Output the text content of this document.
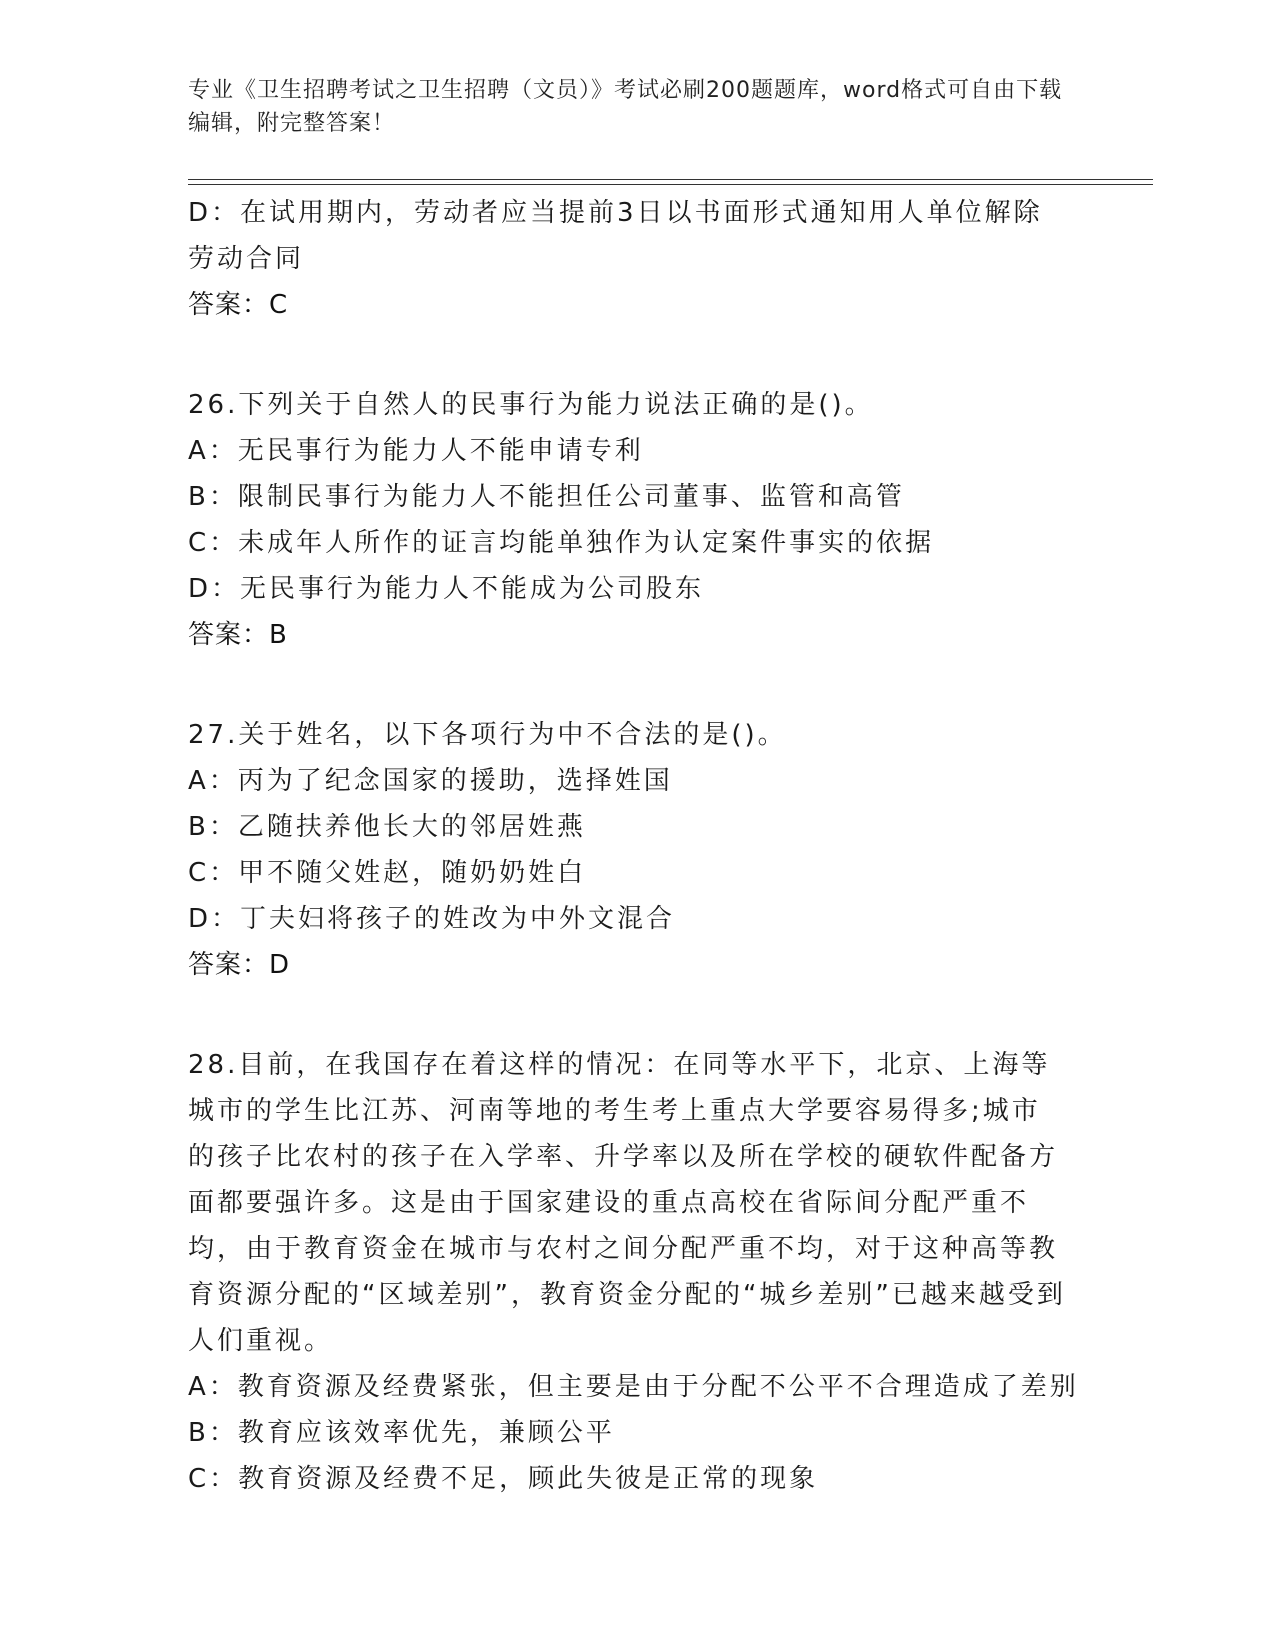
专业《卫生招聘考试之卫生招聘（文员）》考试必刷200题题库，word格式可自由下载编辑，附完整答案！
D：在试用期内，劳动者应当提前3日以书面形式通知用人单位解除劳动合同
答案：C
26.下列关于自然人的民事行为能力说法正确的是()。
A：无民事行为能力人不能申请专利
B：限制民事行为能力人不能担任公司董事、监管和高管
C：未成年人所作的证言均能单独作为认定案件事实的依据
D：无民事行为能力人不能成为公司股东
答案：B
27.关于姓名，以下各项行为中不合法的是()。
A：丙为了纪念国家的援助，选择姓国
B：乙随扶养他长大的邻居姓燕
C：甲不随父姓赵，随奶奶姓白
D：丁夫妇将孩子的姓改为中外文混合
答案：D
28.目前，在我国存在着这样的情况：在同等水平下，北京、上海等城市的学生比江苏、河南等地的考生考上重点大学要容易得多;城市的孩子比农村的孩子在入学率、升学率以及所在学校的硬软件配备方面都要强许多。这是由于国家建设的重点高校在省际间分配严重不均，由于教育资金在城市与农村之间分配严重不均，对于这种高等教育资源分配的“区域差别”，教育资金分配的“城乡差别”已越来越受到人们重视。
A：教育资源及经费紧张，但主要是由于分配不公平不合理造成了差别
B：教育应该效率优先，兼顾公平
C：教育资源及经费不足，顾此失彼是正常的现象
